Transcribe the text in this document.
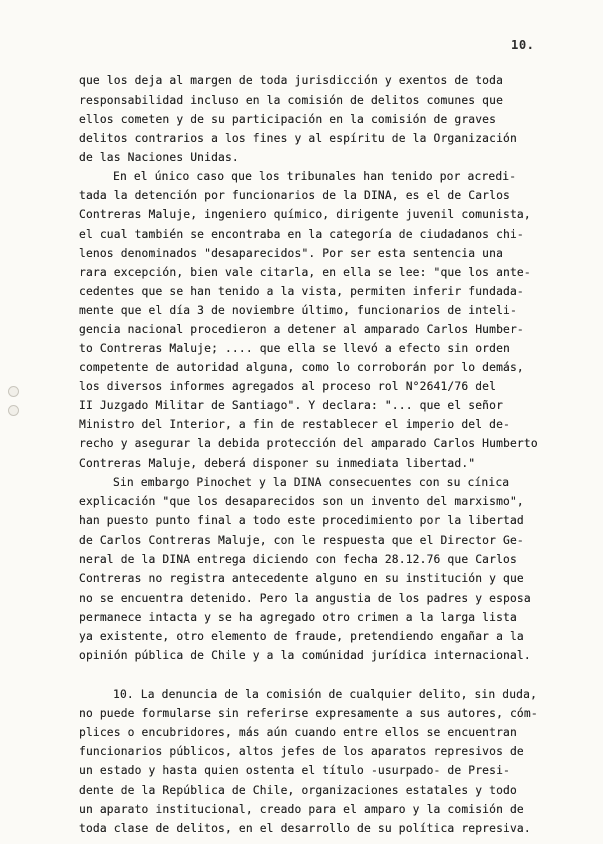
10.
que los deja al margen de toda jurisdicción y exentos de toda
responsabilidad incluso en la comisión de delitos comunes que
ellos cometen y de su participación en la comisión de graves
delitos contrarios a los fines y al espíritu de la Organización
de las Naciones Unidas.
En el único caso que los tribunales han tenido por acredi-
tada la detención por funcionarios de la DINA, es el de Carlos
Contreras Maluje, ingeniero químico, dirigente juvenil comunista,
el cual también se encontraba en la categoría de ciudadanos chi-
lenos denominados "desaparecidos". Por ser esta sentencia una
rara excepción, bien vale citarla, en ella se lee: "que los ante-
cedentes que se han tenido a la vista, permiten inferir fundada-
mente que el día 3 de noviembre último, funcionarios de inteli-
gencia nacional procedieron a detener al amparado Carlos Humber-
to Contreras Maluje; .... que ella se llevó a efecto sin orden
competente de autoridad alguna, como lo corroborán por lo demás,
los diversos informes agregados al proceso rol N°2641/76 del
II Juzgado Militar de Santiago". Y declara: "... que el señor
Ministro del Interior, a fin de restablecer el imperio del de-
recho y asegurar la debida protección del amparado Carlos Humberto
Contreras Maluje, deberá disponer su inmediata libertad."
Sin embargo Pinochet y la DINA consecuentes con su cínica
explicación "que los desaparecidos son un invento del marxismo",
han puesto punto final a todo este procedimiento por la libertad
de Carlos Contreras Maluje, con le respuesta que el Director Ge-
neral de la DINA entrega diciendo con fecha 28.12.76 que Carlos
Contreras no registra antecedente alguno en su institución y que
no se encuentra detenido. Pero la angustia de los padres y esposa
permanece intacta y se ha agregado otro crimen a la larga lista
ya existente, otro elemento de fraude, pretendiendo engañar a la
opinión pública de Chile y a la comúnidad jurídica internacional.
10. La denuncia de la comisión de cualquier delito, sin duda,
no puede formularse sin referirse expresamente a sus autores, cóm-
plices o encubridores, más aún cuando entre ellos se encuentran
funcionarios públicos, altos jefes de los aparatos represivos de
un estado y hasta quien ostenta el título -usurpado- de Presi-
dente de la República de Chile, organizaciones estatales y todo
un aparato institucional, creado para el amparo y la comisión de
toda clase de delitos, en el desarrollo de su política represiva.
